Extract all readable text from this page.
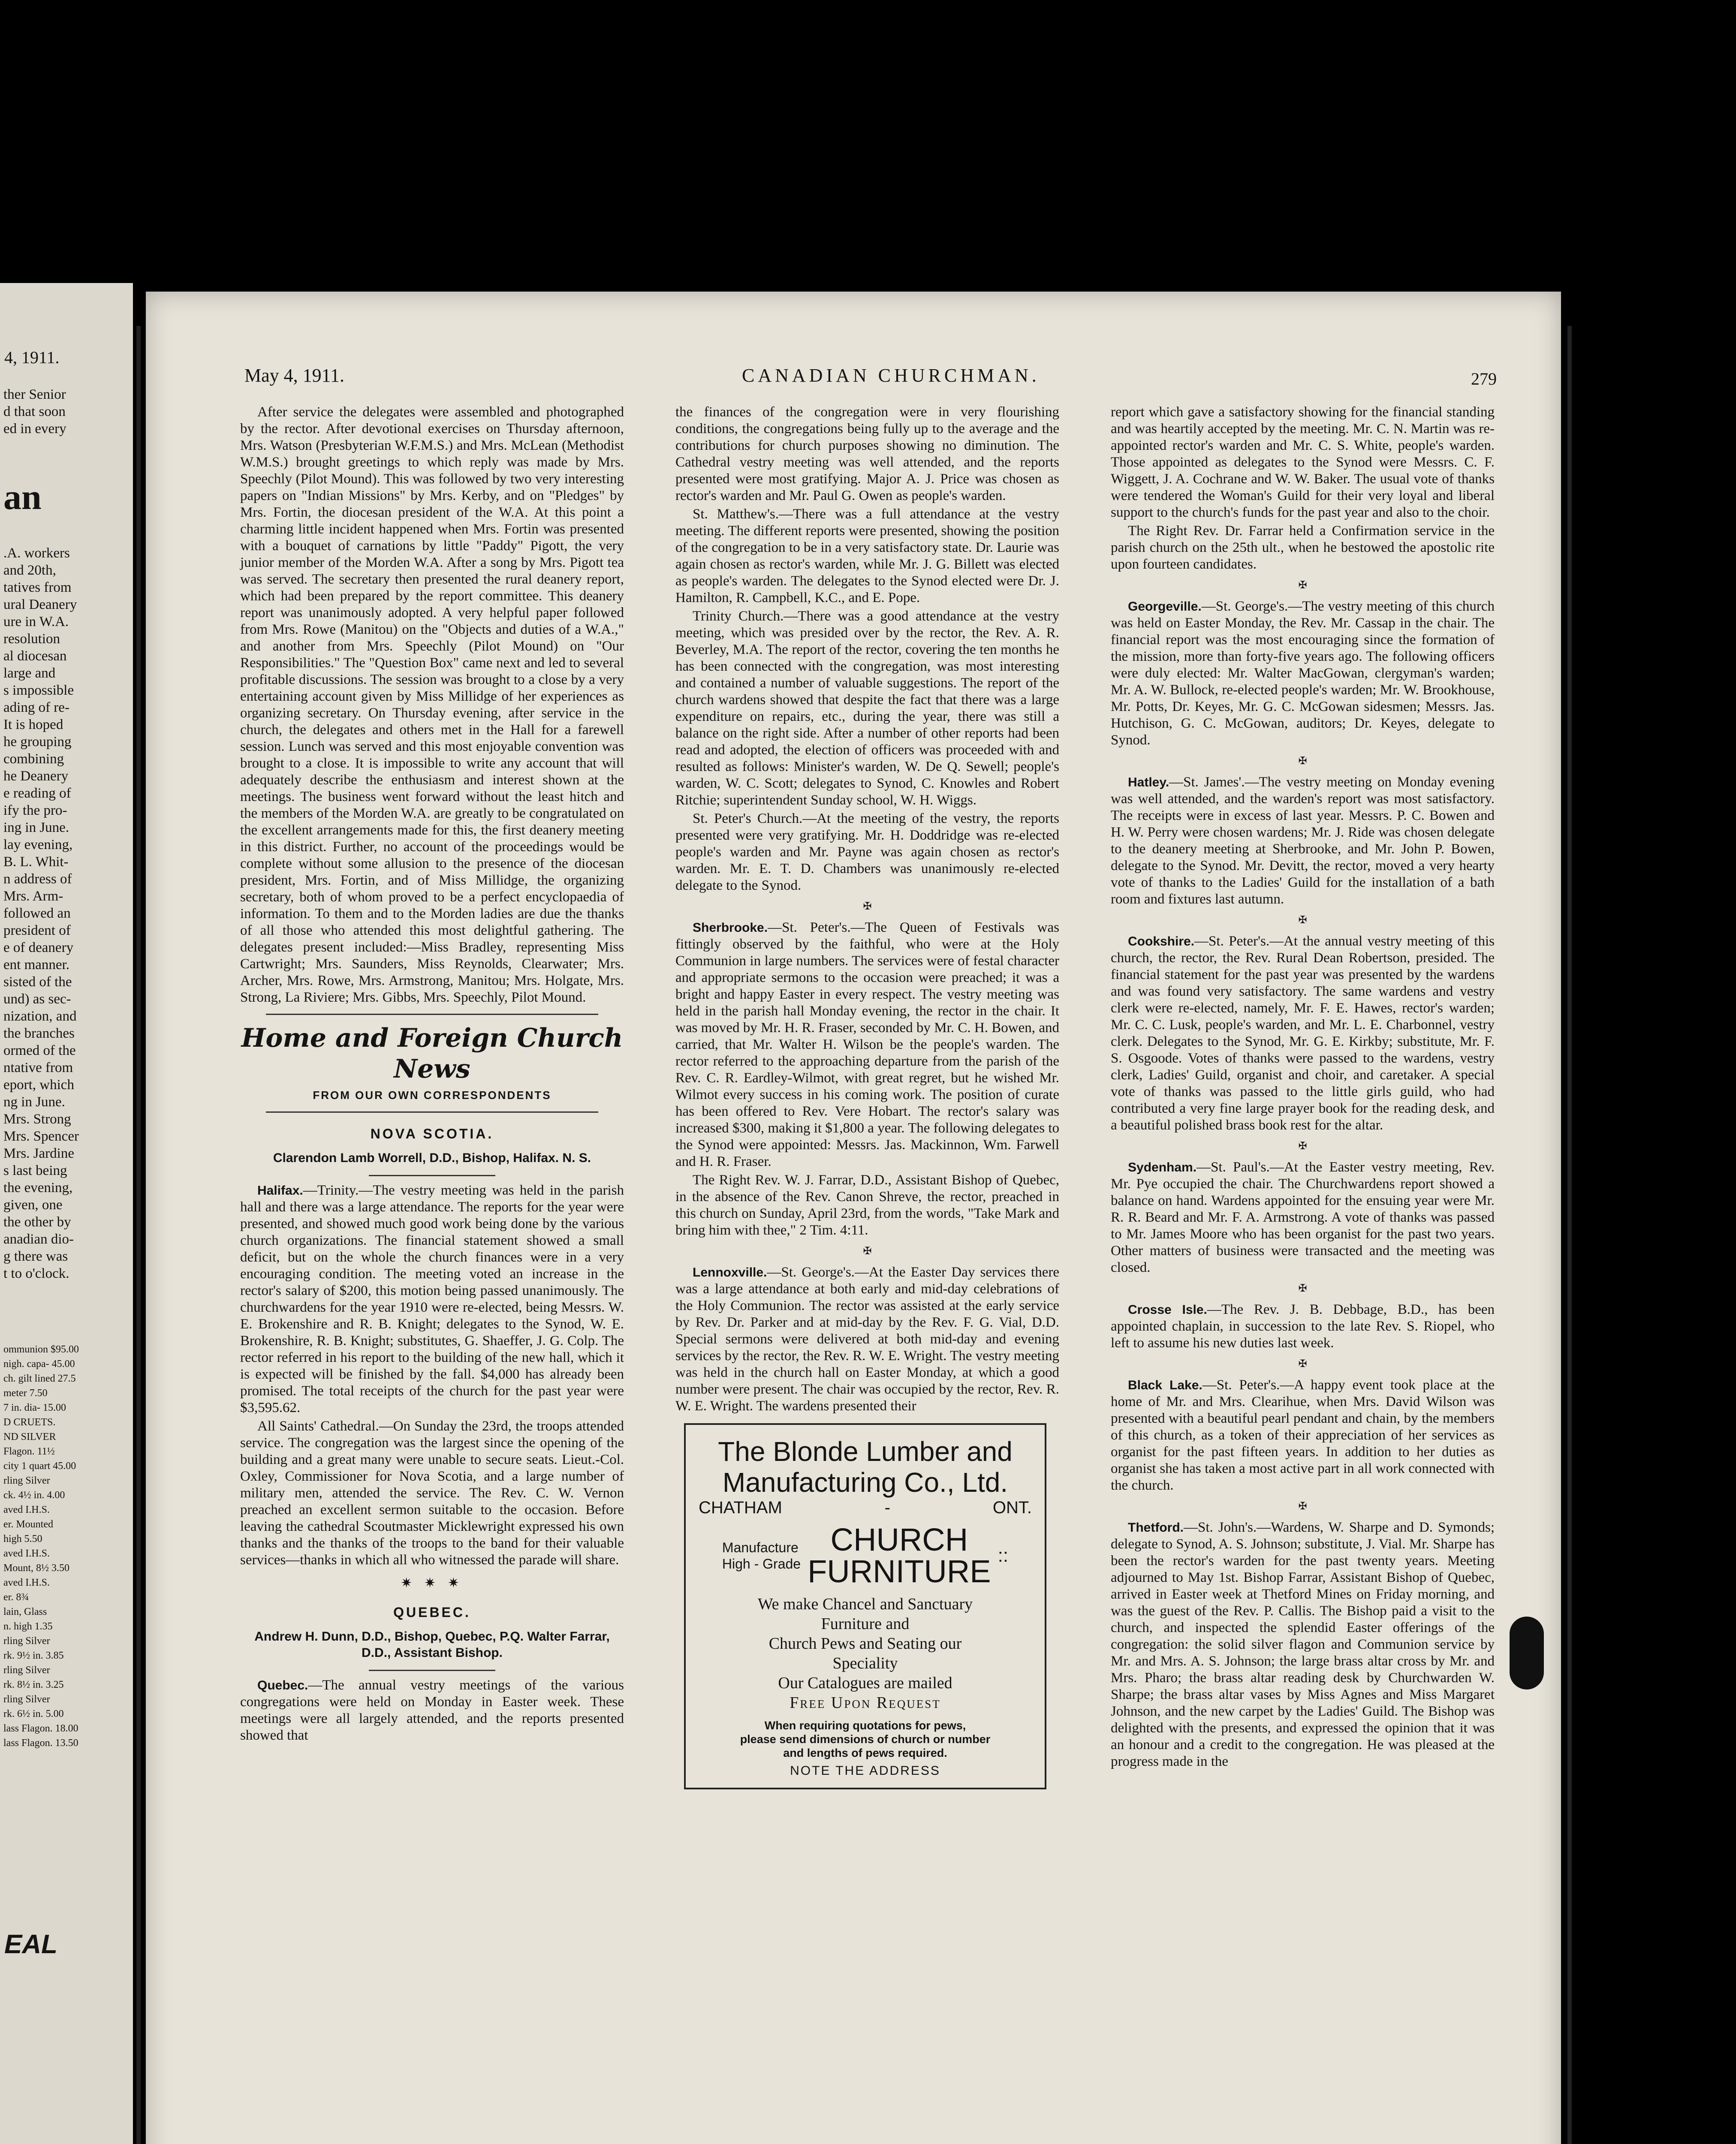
4, 1911.
ther Senior
d that soon
ed in every
an
.A. workers
and 20th,
tatives from
ural Deanery
ure in W.A.
resolution
al diocesan
large and
s impossible
ading of re-
It is hoped
he grouping
combining
he Deanery
e reading of
ify the pro-
ing in June.
lay evening,
B. L. Whit-
n address of
Mrs. Arm-
followed an
president of
e of deanery
ent manner.
sisted of the
und) as sec-
nization, and
the branches
ormed of the
ntative from
eport, which
ng in June.
Mrs. Strong
Mrs. Spencer
Mrs. Jardine
s last being
the evening,
given, one
the other by
anadian dio-
g there was
t to o'clock.
ommunion $95.00
nigh. capa- 45.00
ch. gilt lined 27.5
meter 7.50
7 in. dia- 15.00
D CRUETS.
ND SILVER
Flagon. 11½
city 1 quart 45.00
rling Silver
ck. 4½ in. 4.00
aved I.H.S.
er. Mounted
high 5.50
aved I.H.S.
Mount, 8½ 3.50
aved I.H.S.
er. 8¾
lain, Glass
n. high 1.35
rling Silver
rk. 9½ in. 3.85
rling Silver
rk. 8½ in. 3.25
rling Silver
rk. 6½ in. 5.00
lass Flagon. 18.00
lass Flagon. 13.50
EAL
May 4, 1911.	CANADIAN CHURCHMAN.	279

After service the delegates were assembled and photographed by the rector. After devotional exercises on Thursday afternoon, Mrs. Watson (Presbyterian W.F.M.S.) and Mrs. McLean (Methodist W.M.S.) brought greetings to which reply was made by Mrs. Speechly (Pilot Mound). This was followed by two very interesting papers on "Indian Missions" by Mrs. Kerby, and on "Pledges" by Mrs. Fortin, the diocesan president of the W.A. At this point a charming little incident happened when Mrs. Fortin was presented with a bouquet of carnations by little "Paddy" Pigott, the very junior member of the Morden W.A. After a song by Mrs. Pigott tea was served. The secretary then presented the rural deanery report, which had been prepared by the report committee. This deanery report was unanimously adopted. A very helpful paper followed from Mrs. Rowe (Manitou) on the "Objects and duties of a W.A.," and another from Mrs. Speechly (Pilot Mound) on "Our Responsibilities." The "Question Box" came next and led to several profitable discussions. The session was brought to a close by a very entertaining account given by Miss Millidge of her experiences as organizing secretary. On Thursday evening, after service in the church, the delegates and others met in the Hall for a farewell session. Lunch was served and this most enjoyable convention was brought to a close. It is impossible to write any account that will adequately describe the enthusiasm and interest shown at the meetings. The business went forward without the least hitch and the members of the Morden W.A. are greatly to be congratulated on the excellent arrangements made for this, the first deanery meeting in this district. Further, no account of the proceedings would be complete without some allusion to the presence of the diocesan president, Mrs. Fortin, and of Miss Millidge, the organizing secretary, both of whom proved to be a perfect encyclopaedia of information. To them and to the Morden ladies are due the thanks of all those who attended this most delightful gathering. The delegates present included:—Miss Bradley, representing Miss Cartwright; Mrs. Saunders, Miss Reynolds, Clearwater; Mrs. Archer, Mrs. Rowe, Mrs. Armstrong, Manitou; Mrs. Holgate, Mrs. Strong, La Riviere; Mrs. Gibbs, Mrs. Speechly, Pilot Mound.

Home and Foreign Church News
FROM OUR OWN CORRESPONDENTS
NOVA SCOTIA.
Clarendon Lamb Worrell, D.D., Bishop, Halifax. N. S.

Halifax.—Trinity.—The vestry meeting was held in the parish hall and there was a large attendance. The reports for the year were presented, and showed much good work being done by the various church organizations. The financial statement showed a small deficit, but on the whole the church finances were in a very encouraging condition. The meeting voted an increase in the rector's salary of $200, this motion being passed unanimously. The churchwardens for the year 1910 were re-elected, being Messrs. W. E. Brokenshire and R. B. Knight; delegates to the Synod, W. E. Brokenshire, R. B. Knight; substitutes, G. Shaeffer, J. G. Colp. The rector referred in his report to the building of the new hall, which it is expected will be finished by the fall. $4,000 has already been promised. The total receipts of the church for the past year were $3,595.62.

All Saints' Cathedral.—On Sunday the 23rd, the troops attended service. The congregation was the largest since the opening of the building and a great many were unable to secure seats. Lieut.-Col. Oxley, Commissioner for Nova Scotia, and a large number of military men, attended the service. The Rev. C. W. Vernon preached an excellent sermon suitable to the occasion. Before leaving the cathedral Scoutmaster Micklewright expressed his own thanks and the thanks of the troops to the band for their valuable services—thanks in which all who witnessed the parade will share.

✷ ✷ ✷
QUEBEC.
Andrew H. Dunn, D.D., Bishop, Quebec, P.Q. Walter Farrar, D.D., Assistant Bishop.

Quebec.—The annual vestry meetings of the various congregations were held on Monday in Easter week. These meetings were all largely attended, and the reports presented showed that

the finances of the congregation were in very flourishing conditions, the congregations being fully up to the average and the contributions for church purposes showing no diminution. The Cathedral vestry meeting was well attended, and the reports presented were most gratifying. Major A. J. Price was chosen as rector's warden and Mr. Paul G. Owen as people's warden.

St. Matthew's.—There was a full attendance at the vestry meeting. The different reports were presented, showing the position of the congregation to be in a very satisfactory state. Dr. Laurie was again chosen as rector's warden, while Mr. J. G. Billett was elected as people's warden. The delegates to the Synod elected were Dr. J. Hamilton, R. Campbell, K.C., and E. Pope.

Trinity Church.—There was a good attendance at the vestry meeting, which was presided over by the rector, the Rev. A. R. Beverley, M.A. The report of the rector, covering the ten months he has been connected with the congregation, was most interesting and contained a number of valuable suggestions. The report of the church wardens showed that despite the fact that there was a large expenditure on repairs, etc., during the year, there was still a balance on the right side. After a number of other reports had been read and adopted, the election of officers was proceeded with and resulted as follows: Minister's warden, W. De Q. Sewell; people's warden, W. C. Scott; delegates to Synod, C. Knowles and Robert Ritchie; superintendent Sunday school, W. H. Wiggs.

St. Peter's Church.—At the meeting of the vestry, the reports presented were very gratifying. Mr. H. Doddridge was re-elected people's warden and Mr. Payne was again chosen as rector's warden. Mr. E. T. D. Chambers was unanimously re-elected delegate to the Synod.

✠

Sherbrooke.—St. Peter's.—The Queen of Festivals was fittingly observed by the faithful, who were at the Holy Communion in large numbers. The services were of festal character and appropriate sermons to the occasion were preached; it was a bright and happy Easter in every respect. The vestry meeting was held in the parish hall Monday evening, the rector in the chair. It was moved by Mr. H. R. Fraser, seconded by Mr. C. H. Bowen, and carried, that Mr. Walter H. Wilson be the people's warden. The rector referred to the approaching departure from the parish of the Rev. C. R. Eardley-Wilmot, with great regret, but he wished Mr. Wilmot every success in his coming work. The position of curate has been offered to Rev. Vere Hobart. The rector's salary was increased $300, making it $1,800 a year. The following delegates to the Synod were appointed: Messrs. Jas. Mackinnon, Wm. Farwell and H. R. Fraser.

The Right Rev. W. J. Farrar, D.D., Assistant Bishop of Quebec, in the absence of the Rev. Canon Shreve, the rector, preached in this church on Sunday, April 23rd, from the words, "Take Mark and bring him with thee," 2 Tim. 4:11.

✠

Lennoxville.—St. George's.—At the Easter Day services there was a large attendance at both early and mid-day celebrations of the Holy Communion. The rector was assisted at the early service by Rev. Dr. Parker and at mid-day by the Rev. F. G. Vial, D.D. Special sermons were delivered at both mid-day and evening services by the rector, the Rev. R. W. E. Wright. The vestry meeting was held in the church hall on Easter Monday, at which a good number were present. The chair was occupied by the rector, Rev. R. W. E. Wright. The wardens presented their

The Blonde Lumber and Manufacturing Co., Ltd.
CHATHAM	-	ONT.
Manufacture
High - Grade
CHURCH
FURNITURE ::
We make Chancel and Sanctuary
Furniture and
Church Pews and Seating our
Speciality
Our Catalogues are mailed
Free Upon Request
When requiring quotations for pews,
please send dimensions of church or number
and lengths of pews required.
NOTE THE ADDRESS

report which gave a satisfactory showing for the financial standing and was heartily accepted by the meeting. Mr. C. N. Martin was re-appointed rector's warden and Mr. C. S. White, people's warden. Those appointed as delegates to the Synod were Messrs. C. F. Wiggett, J. A. Cochrane and W. W. Baker. The usual vote of thanks were tendered the Woman's Guild for their very loyal and liberal support to the church's funds for the past year and also to the choir.

The Right Rev. Dr. Farrar held a Confirmation service in the parish church on the 25th ult., when he bestowed the apostolic rite upon fourteen candidates.

✠

Georgeville.—St. George's.—The vestry meeting of this church was held on Easter Monday, the Rev. Mr. Cassap in the chair. The financial report was the most encouraging since the formation of the mission, more than forty-five years ago. The following officers were duly elected: Mr. Walter MacGowan, clergyman's warden; Mr. A. W. Bullock, re-elected people's warden; Mr. W. Brookhouse, Mr. Potts, Dr. Keyes, Mr. G. C. McGowan sidesmen; Messrs. Jas. Hutchison, G. C. McGowan, auditors; Dr. Keyes, delegate to Synod.

✠

Hatley.—St. James'.—The vestry meeting on Monday evening was well attended, and the warden's report was most satisfactory. The receipts were in excess of last year. Messrs. P. C. Bowen and H. W. Perry were chosen wardens; Mr. J. Ride was chosen delegate to the deanery meeting at Sherbrooke, and Mr. John P. Bowen, delegate to the Synod. Mr. Devitt, the rector, moved a very hearty vote of thanks to the Ladies' Guild for the installation of a bath room and fixtures last autumn.

✠

Cookshire.—St. Peter's.—At the annual vestry meeting of this church, the rector, the Rev. Rural Dean Robertson, presided. The financial statement for the past year was presented by the wardens and was found very satisfactory. The same wardens and vestry clerk were re-elected, namely, Mr. F. E. Hawes, rector's warden; Mr. C. C. Lusk, people's warden, and Mr. L. E. Charbonnel, vestry clerk. Delegates to the Synod, Mr. G. E. Kirkby; substitute, Mr. F. S. Osgoode. Votes of thanks were passed to the wardens, vestry clerk, Ladies' Guild, organist and choir, and caretaker. A special vote of thanks was passed to the little girls guild, who had contributed a very fine large prayer book for the reading desk, and a beautiful polished brass book rest for the altar.

✠

Sydenham.—St. Paul's.—At the Easter vestry meeting, Rev. Mr. Pye occupied the chair. The Churchwardens report showed a balance on hand. Wardens appointed for the ensuing year were Mr. R. R. Beard and Mr. F. A. Armstrong. A vote of thanks was passed to Mr. James Moore who has been organist for the past two years. Other matters of business were transacted and the meeting was closed.

✠

Crosse Isle.—The Rev. J. B. Debbage, B.D., has been appointed chaplain, in succession to the late Rev. S. Riopel, who left to assume his new duties last week.

✠

Black Lake.—St. Peter's.—A happy event took place at the home of Mr. and Mrs. Clearihue, when Mrs. David Wilson was presented with a beautiful pearl pendant and chain, by the members of this church, as a token of their appreciation of her services as organist for the past fifteen years. In addition to her duties as organist she has taken a most active part in all work connected with the church.

✠

Thetford.—St. John's.—Wardens, W. Sharpe and D. Symonds; delegate to Synod, A. S. Johnson; substitute, J. Vial. Mr. Sharpe has been the rector's warden for the past twenty years. Meeting adjourned to May 1st. Bishop Farrar, Assistant Bishop of Quebec, arrived in Easter week at Thetford Mines on Friday morning, and was the guest of the Rev. P. Callis. The Bishop paid a visit to the church, and inspected the splendid Easter offerings of the congregation: the solid silver flagon and Communion service by Mr. and Mrs. A. S. Johnson; the large brass altar cross by Mr. and Mrs. Pharo; the brass altar reading desk by Churchwarden W. Sharpe; the brass altar vases by Miss Agnes and Miss Margaret Johnson, and the new carpet by the Ladies' Guild. The Bishop was delighted with the presents, and expressed the opinion that it was an honour and a credit to the congregation. He was pleased at the progress made in the
